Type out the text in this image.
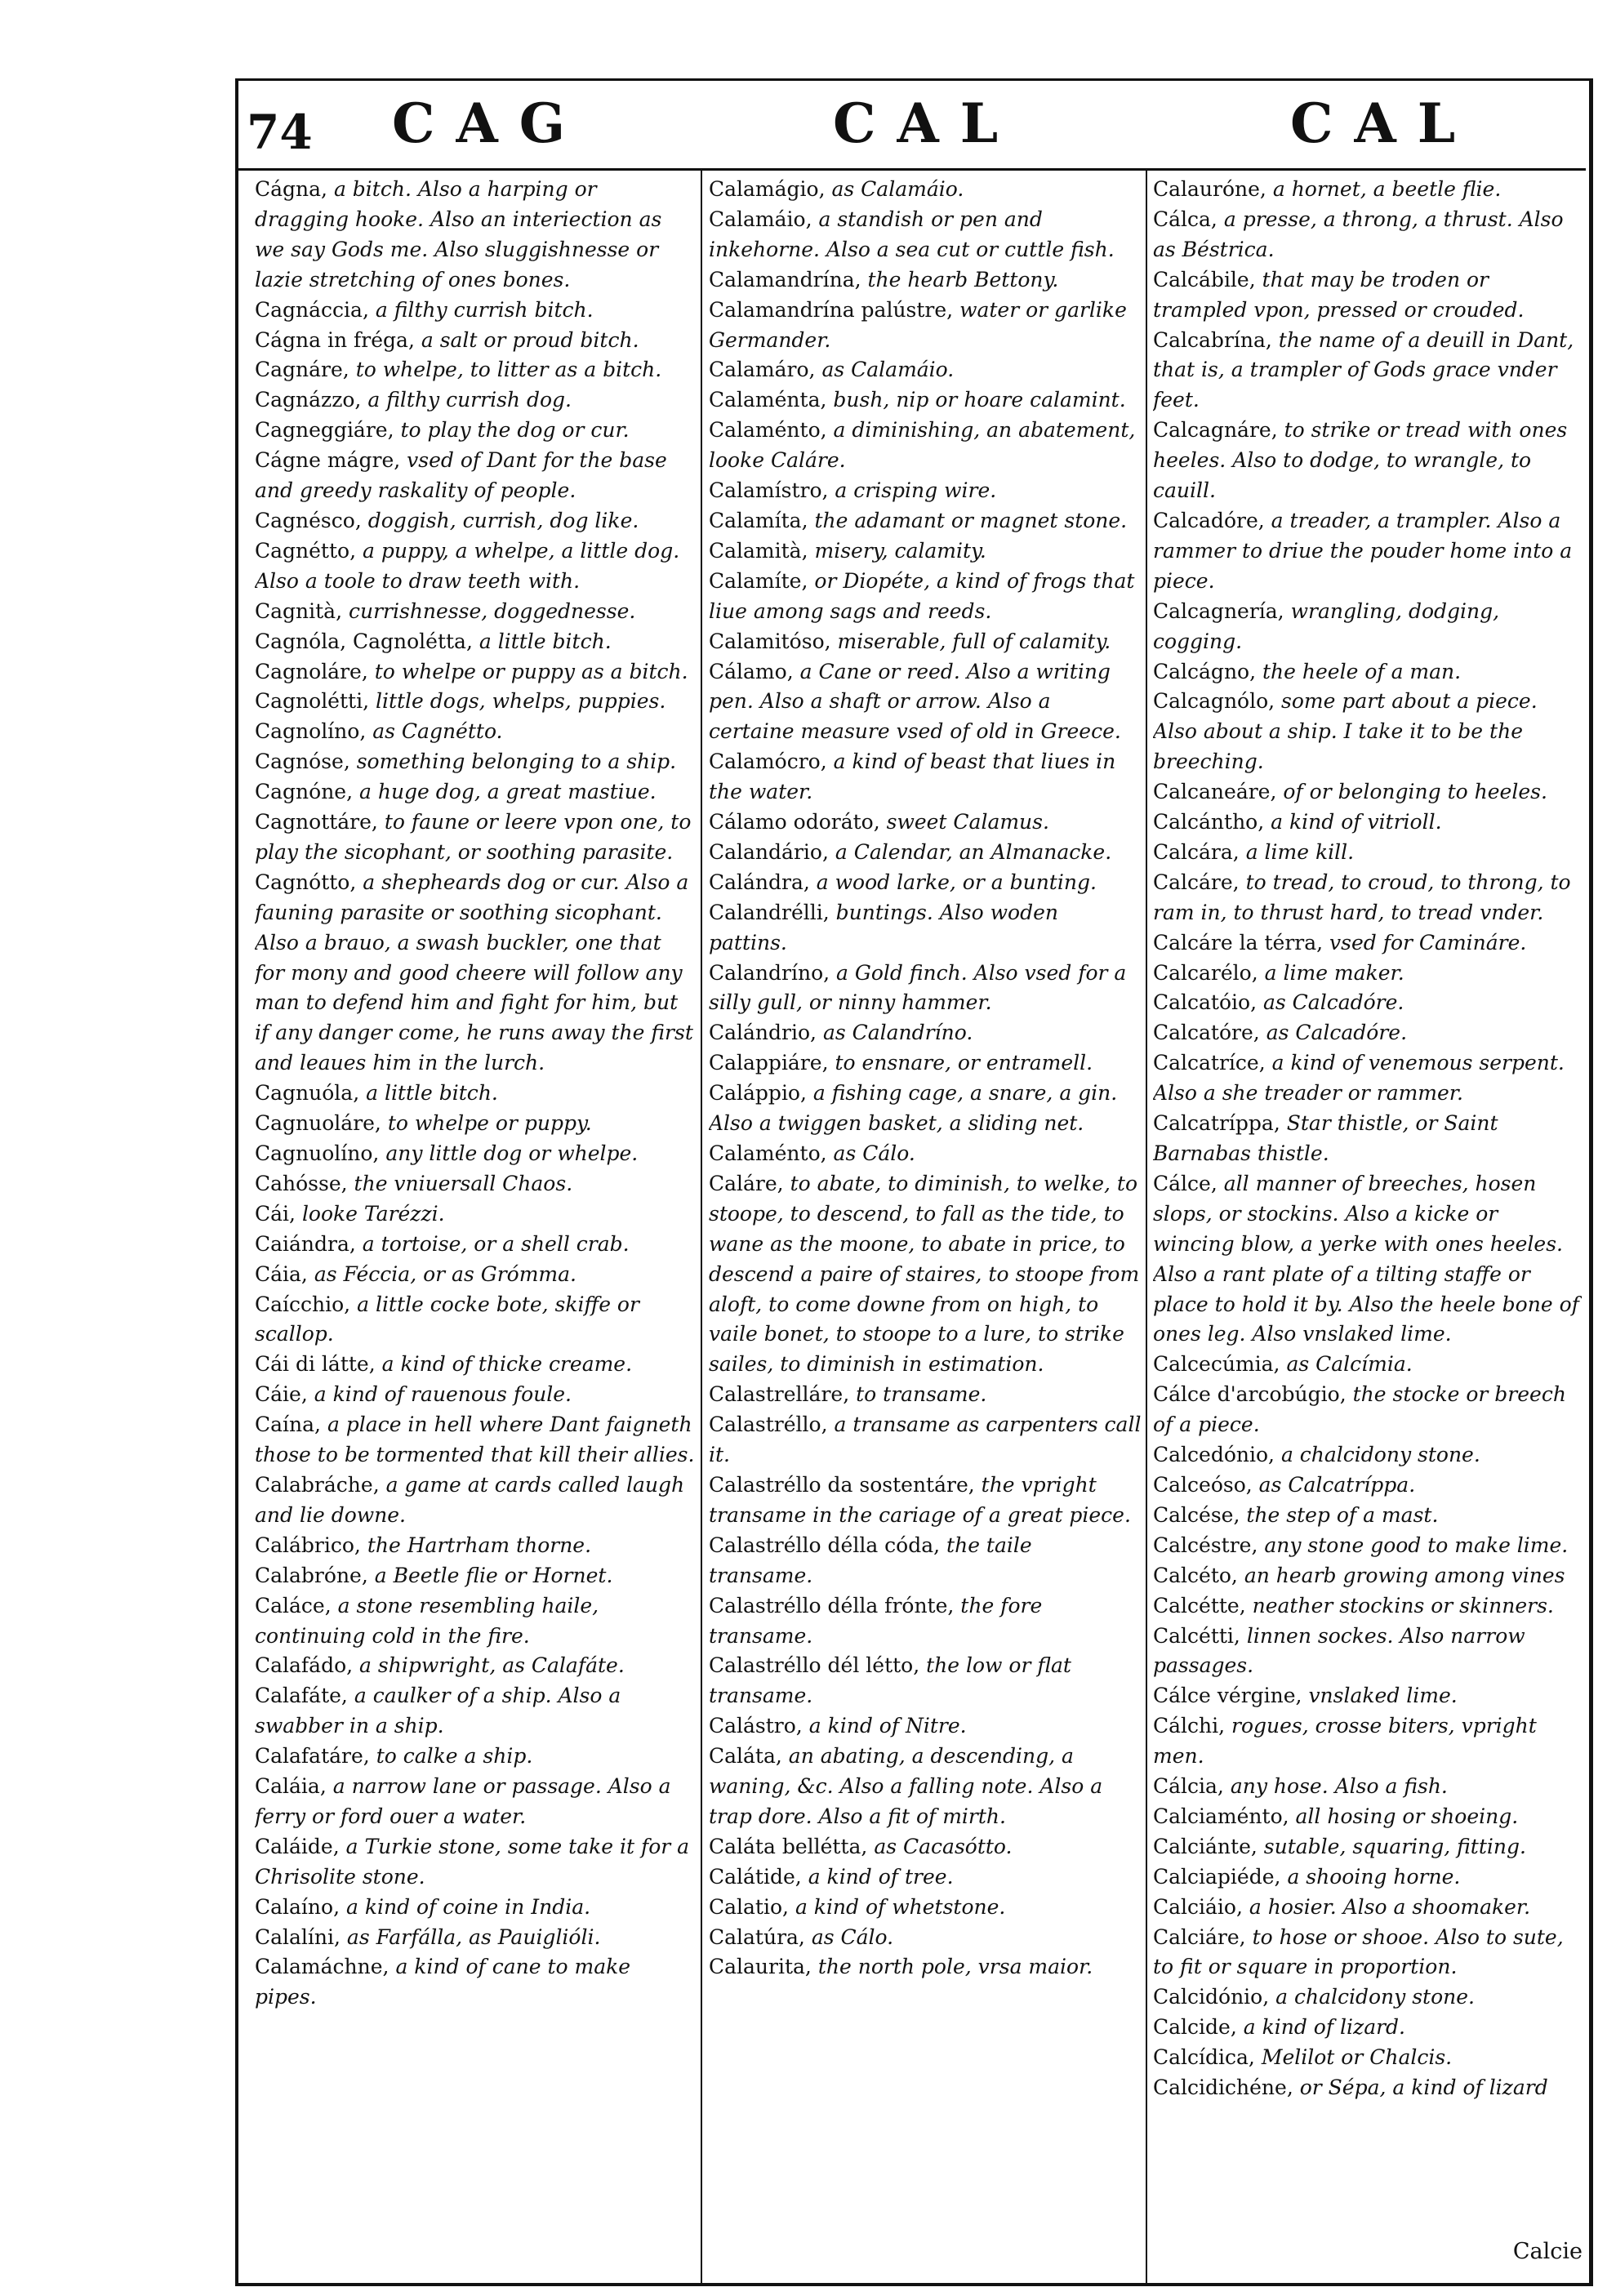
74 CAG	CAL	CAL

Cágna, a bitch. Also a harping or dragging hooke. Also an interiection as we say Gods me. Also sluggishnesse or lazie stretching of ones bones.

Cagnáccia, a filthy currish bitch.

Cágna in fréga, a salt or proud bitch.

Cagnáre, to whelpe, to litter as a bitch.

Cagnázzo, a filthy currish dog.

Cagneggiáre, to play the dog or cur.

Cágne mágre, vsed of Dant for the base and greedy raskality of people.

Cagnésco, doggish, currish, dog like.

Cagnétto, a puppy, a whelpe, a little dog. Also a toole to draw teeth with.

Cagnità, currishnesse, doggednesse.

Cagnóla, Cagnolétta, a little bitch.

Cagnoláre, to whelpe or puppy as a bitch.

Cagnolétti, little dogs, whelps, puppies.

Cagnolíno, as Cagnétto.

Cagnóse, something belonging to a ship.

Cagnóne, a huge dog, a great mastiue.

Cagnottáre, to faune or leere vpon one, to play the sicophant, or soothing parasite.

Cagnótto, a shepheards dog or cur. Also a fauning parasite or soothing sicophant. Also a brauo, a swash buckler, one that for mony and good cheere will follow any man to defend him and fight for him, but if any danger come, he runs away the first and leaues him in the lurch.

Cagnuóla, a little bitch.

Cagnuoláre, to whelpe or puppy.

Cagnuolíno, any little dog or whelpe.

Cahósse, the vniuersall Chaos.

Cái, looke Tarézzi.

Caiándra, a tortoise, or a shell crab.

Cáia, as Féccia, or as Grómma.

Caícchio, a little cocke bote, skiffe or scallop.

Cái di látte, a kind of thicke creame.

Cáie, a kind of rauenous foule.

Caína, a place in hell where Dant faigneth those to be tormented that kill their allies.

Calabráche, a game at cards called laugh and lie downe.

Calábrico, the Hartrham thorne.

Calabróne, a Beetle flie or Hornet.

Caláce, a stone resembling haile, continuing cold in the fire.

Calafádo, a shipwright, as Calafáte.

Calafáte, a caulker of a ship. Also a swabber in a ship.

Calafatáre, to calke a ship.

Caláia, a narrow lane or passage. Also a ferry or ford ouer a water.

Caláide, a Turkie stone, some take it for a Chrisolite stone.

Calaíno, a kind of coine in India.

Calalíni, as Farfálla, as Pauiglióli.

Calamáchne, a kind of cane to make pipes.

Calamágio, as Calamáio.

Calamáio, a standish or pen and inkehorne. Also a sea cut or cuttle fish.

Calamandrína, the hearb Bettony.

Calamandrína palústre, water or garlike Germander.

Calamáro, as Calamáio.

Calaménta, bush, nip or hoare calamint.

Calaménto, a diminishing, an abatement, looke Caláre.

Calamístro, a crisping wire.

Calamíta, the adamant or magnet stone.

Calamità, misery, calamity.

Calamíte, or Diopéte, a kind of frogs that liue among sags and reeds.

Calamitóso, miserable, full of calamity.

Cálamo, a Cane or reed. Also a writing pen. Also a shaft or arrow. Also a certaine measure vsed of old in Greece.

Calamócro, a kind of beast that liues in the water.

Cálamo odoráto, sweet Calamus.

Calandário, a Calendar, an Almanacke.

Calándra, a wood larke, or a bunting.

Calandrélli, buntings. Also woden pattins.

Calandríno, a Gold finch. Also vsed for a silly gull, or ninny hammer.

Calándrio, as Calandríno.

Calappiáre, to ensnare, or entramell.

Caláppio, a fishing cage, a snare, a gin. Also a twiggen basket, a sliding net.

Calaménto, as Cálo.

Caláre, to abate, to diminish, to welke, to stoope, to descend, to fall as the tide, to wane as the moone, to abate in price, to descend a paire of staires, to stoope from aloft, to come downe from on high, to vaile bonet, to stoope to a lure, to strike sailes, to diminish in estimation.

Calastrelláre, to transame.

Calastréllo, a transame as carpenters call it.

Calastréllo da sostentáre, the vpright transame in the cariage of a great piece.

Calastréllo délla códa, the taile transame.

Calastréllo délla frónte, the fore transame.

Calastréllo dél létto, the low or flat transame.

Calástro, a kind of Nitre.

Caláta, an abating, a descending, a waning, &c. Also a falling note. Also a trap dore. Also a fit of mirth.

Caláta bellétta, as Cacasótto.

Calátide, a kind of tree.

Calatio, a kind of whetstone.

Calatúra, as Cálo.

Calaurita, the north pole, vrsa maior.

Calauróne, a hornet, a beetle flie.

Cálca, a presse, a throng, a thrust. Also as Béstrica.

Calcábile, that may be troden or trampled vpon, pressed or crouded.

Calcabrína, the name of a deuill in Dant, that is, a trampler of Gods grace vnder feet.

Calcagnáre, to strike or tread with ones heeles. Also to dodge, to wrangle, to cauill.

Calcadóre, a treader, a trampler. Also a rammer to driue the pouder home into a piece.

Calcagnería, wrangling, dodging, cogging.

Calcágno, the heele of a man.

Calcagnólo, some part about a piece. Also about a ship. I take it to be the breeching.

Calcaneáre, of or belonging to heeles.

Calcántho, a kind of vitrioll.

Calcára, a lime kill.

Calcáre, to tread, to croud, to throng, to ram in, to thrust hard, to tread vnder.

Calcáre la térra, vsed for Camináre.

Calcarélo, a lime maker.

Calcatóio, as Calcadóre.

Calcatóre, as Calcadóre.

Calcatríce, a kind of venemous serpent. Also a she treader or rammer.

Calcatríppa, Star thistle, or Saint Barnabas thistle.

Cálce, all manner of breeches, hosen slops, or stockins. Also a kicke or wincing blow, a yerke with ones heeles. Also a rant plate of a tilting staffe or place to hold it by. Also the heele bone of ones leg. Also vnslaked lime.

Calcecúmia, as Calcímia.

Cálce d'arcobúgio, the stocke or breech of a piece.

Calcedónio, a chalcidony stone.

Calceóso, as Calcatríppa.

Calcése, the step of a mast.

Calcéstre, any stone good to make lime.

Calcéto, an hearb growing among vines

Calcétte, neather stockins or skinners.

Calcétti, linnen sockes. Also narrow passages.

Cálce vérgine, vnslaked lime.

Cálchi, rogues, crosse biters, vpright men.

Cálcia, any hose. Also a fish.

Calciaménto, all hosing or shoeing.

Calciánte, sutable, squaring, fitting.

Calciapiéde, a shooing horne.

Calciáio, a hosier. Also a shoomaker.

Calciáre, to hose or shooe. Also to sute, to fit or square in proportion.

Calcidónio, a chalcidony stone.

Calcide, a kind of lizard.

Calcídica, Melilot or Chalcis.

Calcidichéne, or Sépa, a kind of lizard

Calcie
